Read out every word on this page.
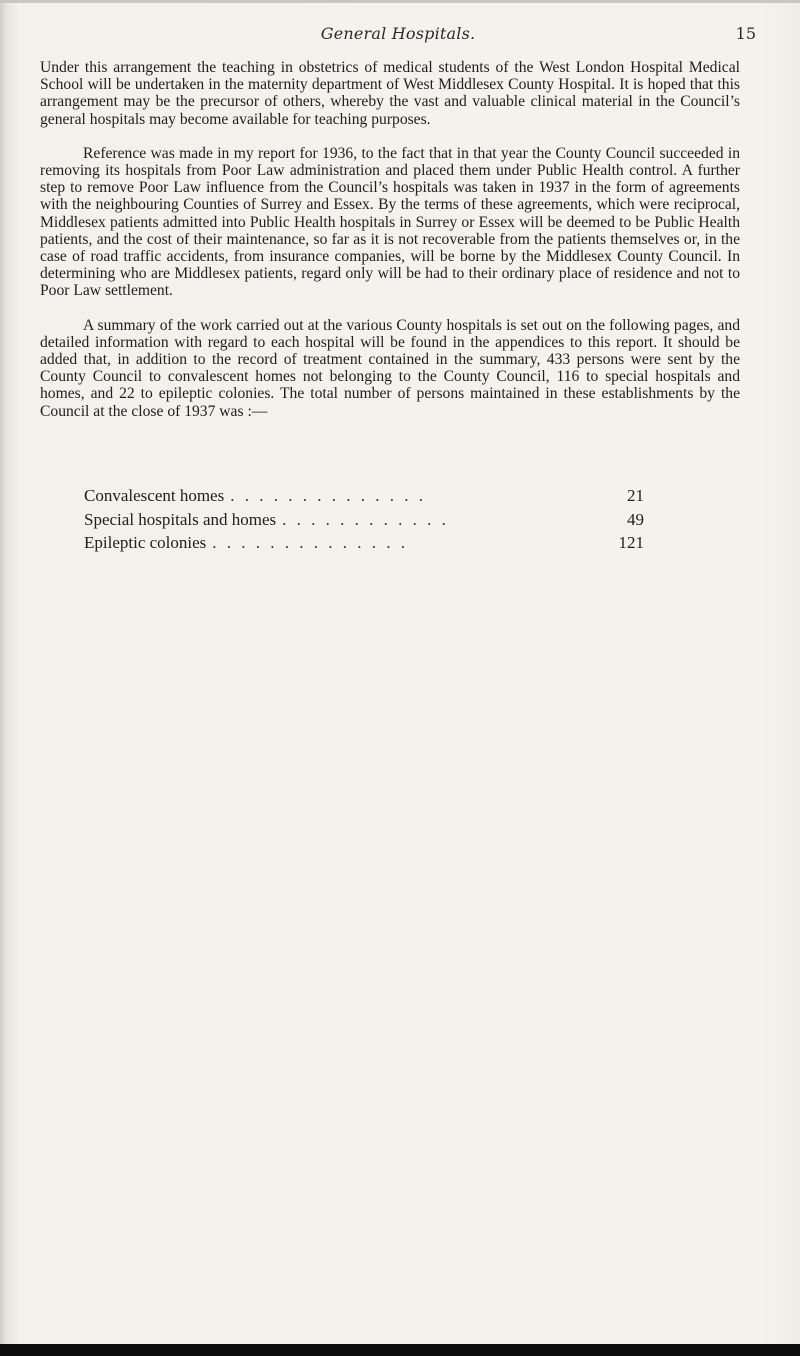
General Hospitals.	15

Under this arrangement the teaching in obstetrics of medical students of the West London Hospital Medical School will be undertaken in the maternity department of West Middlesex County Hospital. It is hoped that this arrangement may be the precursor of others, whereby the vast and valuable clinical material in the Council’s general hospitals may become available for teaching purposes.

Reference was made in my report for 1936, to the fact that in that year the County Council succeeded in removing its hospitals from Poor Law administration and placed them under Public Health control. A further step to remove Poor Law influence from the Council’s hospitals was taken in 1937 in the form of agreements with the neighbouring Counties of Surrey and Essex. By the terms of these agreements, which were reciprocal, Middlesex patients admitted into Public Health hospitals in Surrey or Essex will be deemed to be Public Health patients, and the cost of their maintenance, so far as it is not recoverable from the patients themselves or, in the case of road traffic accidents, from insurance companies, will be borne by the Middlesex County Council. In determining who are Middlesex patients, regard only will be had to their ordinary place of residence and not to Poor Law settlement.

A summary of the work carried out at the various County hospitals is set out on the following pages, and detailed information with regard to each hospital will be found in the appendices to this report. It should be added that, in addition to the record of treatment contained in the summary, 433 persons were sent by the County Council to convalescent homes not belonging to the County Council, 116 to special hospitals and homes, and 22 to epileptic colonies. The total number of persons maintained in these establishments by the Council at the close of 1937 was :—

Convalescent homes . . . . . . . . . . . . . .	21
Special hospitals and homes . . . . . . . . . . . .	49
Epileptic colonies . . . . . . . . . . . . . .	121
